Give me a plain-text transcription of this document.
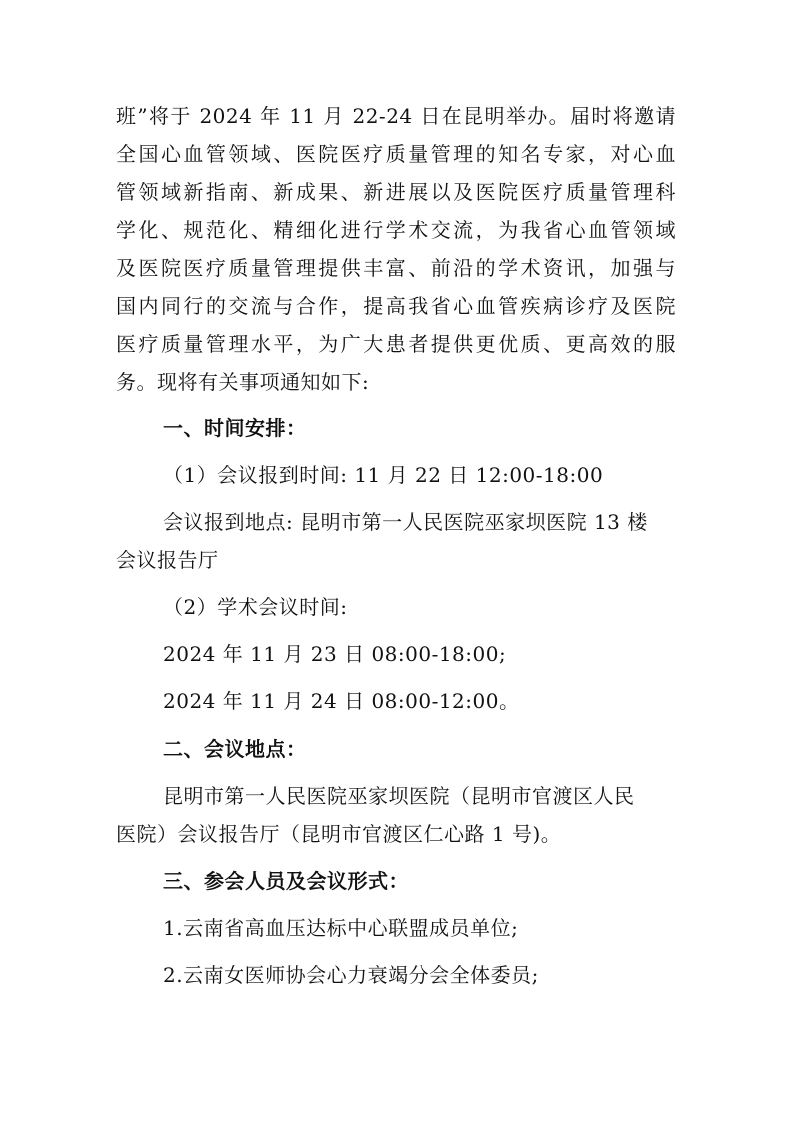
班”将于 2024 年 11 月 22-24 日在昆明举办。届时将邀请
全国心血管领域、医院医疗质量管理的知名专家，对心血
管领域新指南、新成果、新进展以及医院医疗质量管理科
学化、规范化、精细化进行学术交流，为我省心血管领域
及医院医疗质量管理提供丰富、前沿的学术资讯，加强与
国内同行的交流与合作，提高我省心血管疾病诊疗及医院
医疗质量管理水平，为广大患者提供更优质、更高效的服
务。现将有关事项通知如下:
一、时间安排：
（1）会议报到时间: 11 月 22 日 12:00-18:00
会议报到地点: 昆明市第一人民医院巫家坝医院 13 楼
会议报告厅
（2）学术会议时间:
2024 年 11 月 23 日 08:00-18:00;
2024 年 11 月 24 日 08:00-12:00。
二、会议地点：
昆明市第一人民医院巫家坝医院（昆明市官渡区人民
医院）会议报告厅（昆明市官渡区仁心路 1 号)。
三、参会人员及会议形式：
1.云南省高血压达标中心联盟成员单位;
2.云南女医师协会心力衰竭分会全体委员;
